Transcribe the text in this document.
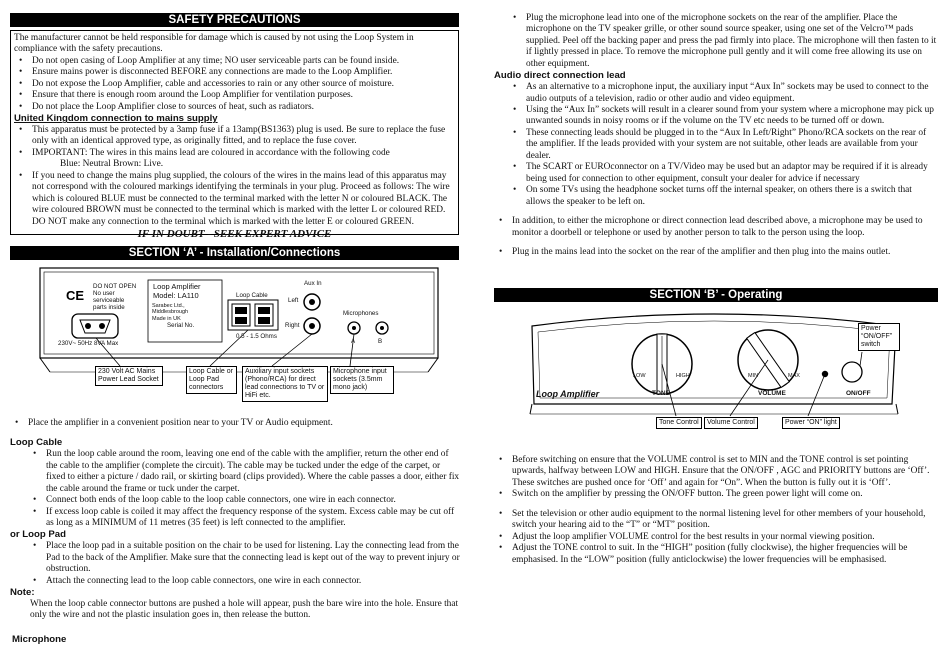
SAFETY PRECAUTIONS

The manufacturer cannot be held responsible for damage which is caused by not using the Loop System in compliance with the safety precautions.

• Do not open casing of Loop Amplifier at any time; NO user serviceable parts can be found inside.
• Ensure mains power is disconnected BEFORE any connections are made to the Loop Amplifier.
• Do not expose the Loop Amplifier, cable and accessories to rain or any other source of moisture.
• Ensure that there is enough room around the Loop Amplifier for ventilation purposes.
• Do not place the Loop Amplifier close to sources of heat, such as radiators.

United Kingdom connection to mains supply

• This apparatus must be protected by a 3amp fuse if a 13amp(BS1363) plug is used. Be sure to replace the fuse only with an identical approved type, as originally fitted, and to replace the fuse cover.
• IMPORTANT: The wires in this mains lead are coloured in accordance with the following code

Blue: Neutral Brown: Live.

• If you need to change the mains plug supplied, the colours of the wires in the mains lead of this apparatus may not correspond with the coloured markings identifying the terminals in your plug. Proceed as follows: The wire which is coloured BLUE must be connected to the terminal marked with the letter N or coloured BLACK. The wire coloured BROWN must be connected to the terminal which is marked with the letter L or coloured RED. DO NOT make any connection to the terminal which is marked with the letter E or coloured GREEN.

IF IN DOUBT - SEEK EXPERT ADVICE

SECTION ‘A’ - Installation/Connections
CE
DO NOT OPEN
No user serviceable
parts inside
Loop Amplifier
Model: LA110
Sarabec Ltd., Middlesbrough
Made in UK
Serial No.
230V~ 50Hz 8VA Max
Loop Cable
0.5 - 1.5 Ohms
Aux In
Left
Right
Microphones
A	B
230 Volt AC Mains Power Lead Socket
Loop Cable or Loop Pad connectors
Auxiliary input sockets (Phono/RCA) for direct lead connections to TV or HiFi etc.
Microphone input sockets (3.5mm mono jack)
• Place the amplifier in a convenient position near to your TV or Audio equipment.

Loop Cable

• Run the loop cable around the room, leaving one end of the cable with the amplifier, return the other end of the cable to the amplifier (complete the circuit). The cable may be tucked under the edge of the carpet, or fixed to either a picture / dado rail, or skirting board (clips provided). Where the cable passes a door, either fix the cable around the frame or tuck under the carpet.
• Connect both ends of the loop cable to the loop cable connectors, one wire in each connector.
• If excess loop cable is coiled it may affect the frequency response of the system. Excess cable may be cut off as long as a MINIMUM of 11 metres (35 feet) is left connected to the amplifier.

or Loop Pad

• Place the loop pad in a suitable position on the chair to be used for listening. Lay the connecting lead from the Pad to the back of the Amplifier. Make sure that the connecting lead is kept out of the way to prevent injury or obstruction.
• Attach the connecting lead to the loop cable connectors, one wire in each connector.

Note:

When the loop cable connector buttons are pushed a hole will appear, push the bare wire into the hole. Ensure that only the wire and not the plastic insulation goes in, then release the button.

Microphone
• Plug the microphone lead into one of the microphone sockets on the rear of the amplifier. Place the microphone on the TV speaker grille, or other sound source speaker, using one set of the Velcro™ pads supplied. Peel off the backing paper and press the pad firmly into place. The microphone will then fasten to it if lightly pressed in place. To remove the microphone pull gently and it will come free allowing its use on other equipment.

Audio direct connection lead

• As an alternative to a microphone input, the auxiliary input “Aux In” sockets may be used to connect to the audio outputs of a television, radio or other audio and video equipment.
• Using the “Aux In” sockets will result in a clearer sound from your system where a microphone may pick up unwanted sounds in noisy rooms or if the volume on the TV etc needs to be turned off or down.
• These connecting leads should be plugged in to the “Aux In Left/Right” Phono/RCA sockets on the rear of the amplifier. If the leads provided with your system are not suitable, other leads are available from your dealer.
• The SCART or EUROconnector on a TV/Video may be used but an adaptor may be required if it is already being used for connection to other equipment, consult your dealer for advice if necessary
• On some TVs using the headphone socket turns off the internal speaker, on others there is a switch that allows the speaker to be left on.
• In addition, to either the microphone or direct connection lead described above, a microphone may be used to monitor a doorbell or telephone or used by another person to talk to the person using the loop.
• Plug in the mains lead into the socket on the rear of the amplifier and then plug into the mains outlet.
SECTION ‘B’ - Operating
LOW	HIGH	MIN	MAX
TONE	VOLUME	ON/OFF
Loop Amplifier
Power “ON/OFF” switch
Tone Control	Volume Control	Power “ON” light
• Before switching on ensure that the VOLUME control is set to MIN and the TONE control is set pointing upwards, halfway between LOW and HIGH. Ensure that the ON/OFF , AGC and PRIORITY buttons are ‘Off’. These switches are pushed once for ‘Off’ and again for “On”. When the button is fully out it is ‘Off’.
• Switch on the amplifier by pressing the ON/OFF button. The green power light will come on.
• Set the television or other audio equipment to the normal listening level for other members of your household, switch your hearing aid to the “T” or “MT” position.
• Adjust the loop amplifier VOLUME control for the best results in your normal viewing position.
• Adjust the TONE control to suit. In the “HIGH” position (fully clockwise), the higher frequencies will be emphasised. In the “LOW” position (fully anticlockwise) the lower frequencies will be emphasised.
